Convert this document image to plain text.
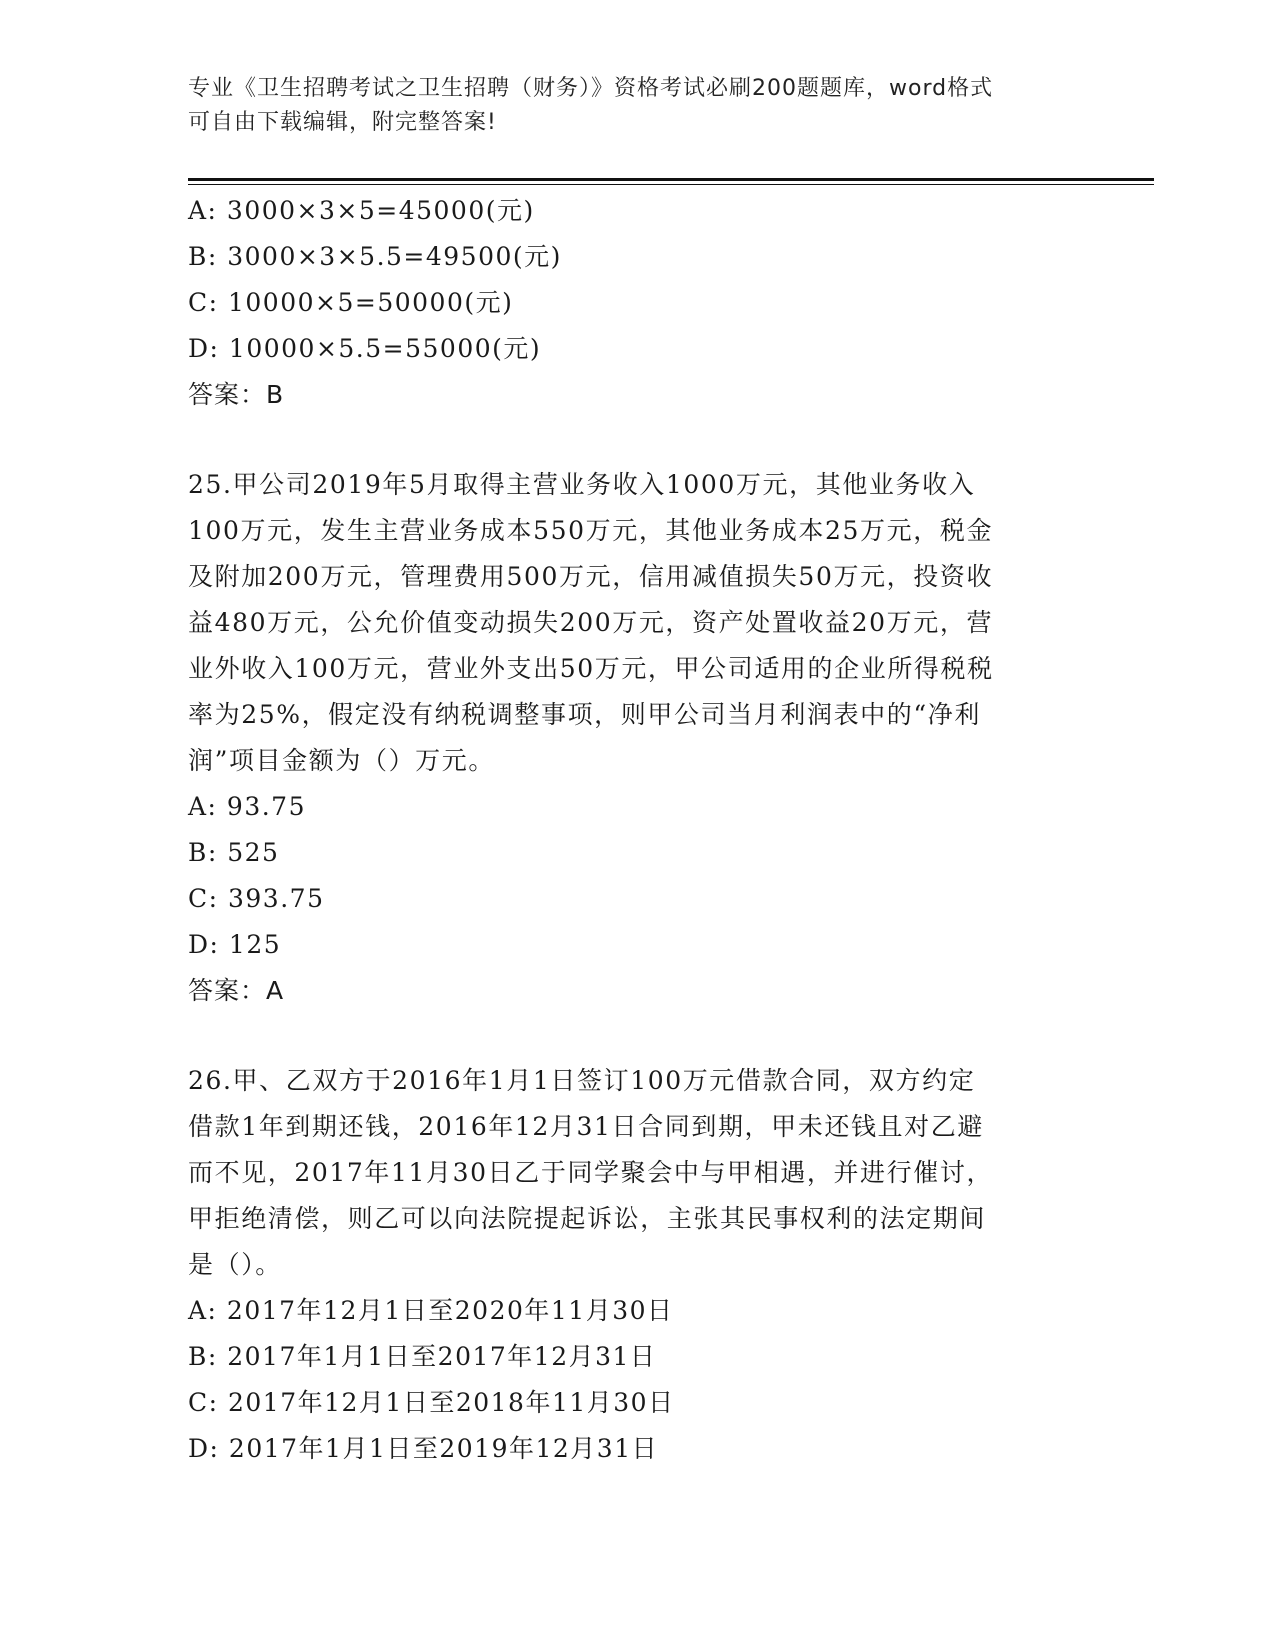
专业《卫生招聘考试之卫生招聘（财务）》资格考试必刷200题题库，word格式
可自由下载编辑，附完整答案!
A: 3000×3×5=45000(元)
B: 3000×3×5.5=49500(元)
C: 10000×5=50000(元)
D: 10000×5.5=55000(元)
答案：B
25.甲公司2019年5月取得主营业务收入1000万元，其他业务收入
100万元，发生主营业务成本550万元，其他业务成本25万元，税金
及附加200万元，管理费用500万元，信用减值损失50万元，投资收
益480万元，公允价值变动损失200万元，资产处置收益20万元，营
业外收入100万元，营业外支出50万元，甲公司适用的企业所得税税
率为25%，假定没有纳税调整事项，则甲公司当月利润表中的“净利
润”项目金额为（）万元。
A: 93.75
B: 525
C: 393.75
D: 125
答案：A
26.甲、乙双方于2016年1月1日签订100万元借款合同，双方约定
借款1年到期还钱，2016年12月31日合同到期，甲未还钱且对乙避
而不见，2017年11月30日乙于同学聚会中与甲相遇，并进行催讨，
甲拒绝清偿，则乙可以向法院提起诉讼，主张其民事权利的法定期间
是（）。
A: 2017年12月1日至2020年11月30日
B: 2017年1月1日至2017年12月31日
C: 2017年12月1日至2018年11月30日
D: 2017年1月1日至2019年12月31日
